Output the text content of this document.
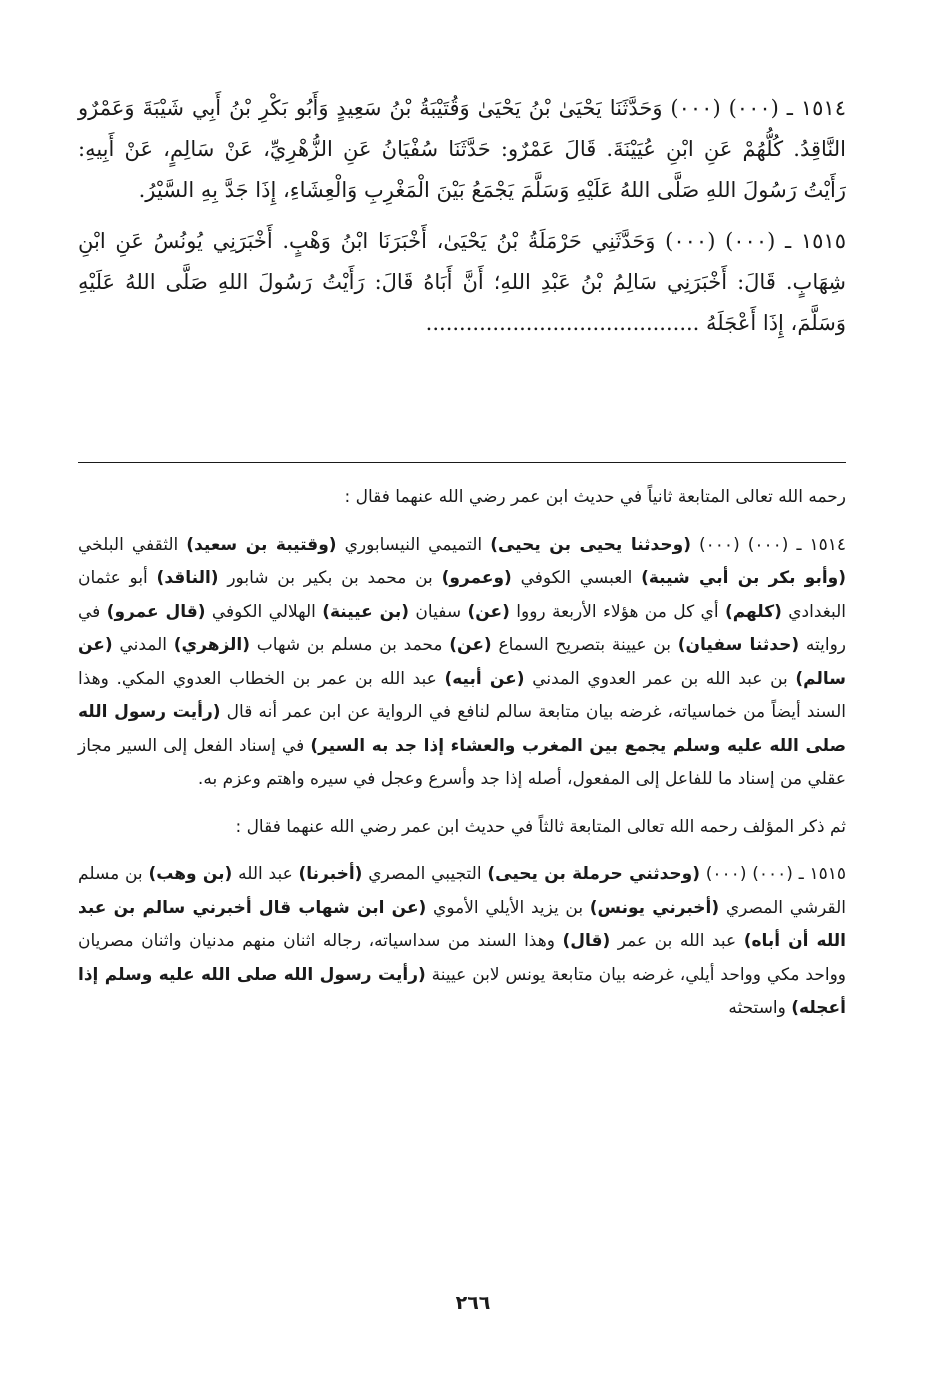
١٥١٤ ـ (٠٠٠) (٠٠٠) وَحَدَّثَنَا يَحْيَىٰ بْنُ يَحْيَىٰ وَقُتَيْبَةُ بْنُ سَعِيدٍ وَأَبُو بَكْرِ بْنُ أَبِي شَيْبَةَ وَعَمْرٌو النَّاقِدُ. كُلُّهُمْ عَنِ ابْنِ عُيَيْنَةَ. قَالَ عَمْرٌو: حَدَّثَنَا سُفْيَانُ عَنِ الزُّهْرِيِّ، عَنْ سَالِمٍ، عَنْ أَبِيهِ: رَأَيْتُ رَسُولَ اللهِ صَلَّى اللهُ عَلَيْهِ وَسَلَّمَ يَجْمَعُ بَيْنَ الْمَغْرِبِ وَالْعِشَاءِ، إِذَا جَدَّ بِهِ السَّيْرُ.

١٥١٥ ـ (٠٠٠) (٠٠٠) وَحَدَّثَنِي حَرْمَلَةُ بْنُ يَحْيَىٰ، أَخْبَرَنَا ابْنُ وَهْبٍ. أَخْبَرَنِي يُونُسُ عَنِ ابْنِ شِهَابٍ. قَالَ: أَخْبَرَنِي سَالِمُ بْنُ عَبْدِ اللهِ؛ أَنَّ أَبَاهُ قَالَ: رَأَيْتُ رَسُولَ اللهِ صَلَّى اللهُ عَلَيْهِ وَسَلَّمَ، إِذَا أَعْجَلَهُ .........................................

رحمه الله تعالى المتابعة ثانياً في حديث ابن عمر رضي الله عنهما فقال :

١٥١٤ ـ (٠٠٠) (٠٠٠) (وحدثنا يحيى بن يحيى) التميمي النيسابوري (وقتيبة بن سعيد) الثقفي البلخي (وأبو بكر بن أبي شيبة) العبسي الكوفي (وعمرو) بن محمد بن بكير بن شابور (الناقد) أبو عثمان البغدادي (كلهم) أي كل من هؤلاء الأربعة رووا (عن) سفيان (بن عيينة) الهلالي الكوفي (قال عمرو) في روايته (حدثنا سفيان) بن عيينة بتصريح السماع (عن) محمد بن مسلم بن شهاب (الزهري) المدني (عن سالم) بن عبد الله بن عمر العدوي المدني (عن أبيه) عبد الله بن عمر بن الخطاب العدوي المكي. وهذا السند أيضاً من خماسياته، غرضه بيان متابعة سالم لنافع في الرواية عن ابن عمر أنه قال (رأيت رسول الله صلى الله عليه وسلم يجمع بين المغرب والعشاء إذا جد به السير) في إسناد الفعل إلى السير مجاز عقلي من إسناد ما للفاعل إلى المفعول، أصله إذا جد وأسرع وعجل في سيره واهتم وعزم به.

ثم ذكر المؤلف رحمه الله تعالى المتابعة ثالثاً في حديث ابن عمر رضي الله عنهما فقال :

١٥١٥ ـ (٠٠٠) (٠٠٠) (وحدثني حرملة بن يحيى) التجيبي المصري (أخبرنا) عبد الله (بن وهب) بن مسلم القرشي المصري (أخبرني يونس) بن يزيد الأيلي الأموي (عن ابن شهاب قال أخبرني سالم بن عبد الله أن أباه) عبد الله بن عمر (قال) وهذا السند من سداسياته، رجاله اثنان منهم مدنيان واثنان مصريان وواحد مكي وواحد أيلي، غرضه بيان متابعة يونس لابن عيينة (رأيت رسول الله صلى الله عليه وسلم إذا أعجله) واستحثه

٢٦٦
